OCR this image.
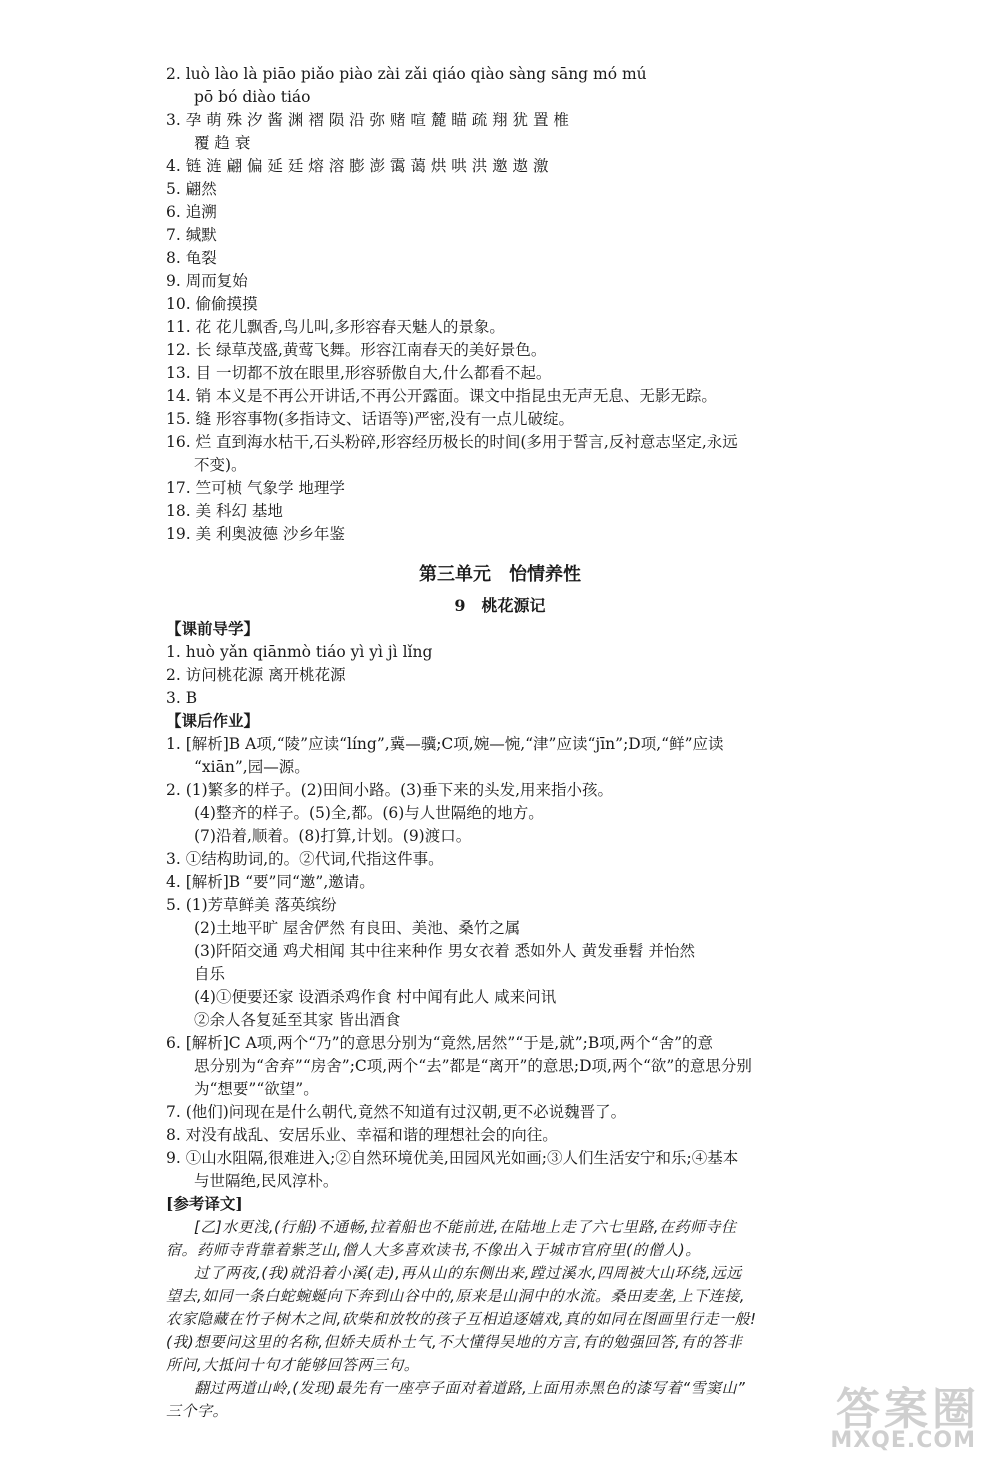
2. luò lào là piāo piǎo piào zài zǎi qiáo qiào sàng sāng mó mú
pō bó diào tiáo
3. 孕 萌 殊 汐 酱 渊 褶 陨 沿 弥 赌 喧 麓 瞄 疏 翔 犹 置 椎
覆 趋 衰
4. 链 涟 翩 偏 延 廷 熔 溶 膨 澎 霭 蔼 烘 哄 洪 邀 遨 激
5. 翩然
6. 追溯
7. 缄默
8. 龟裂
9. 周而复始
10. 偷偷摸摸
11. 花 花儿飘香,鸟儿叫,多形容春天魅人的景象。
12. 长 绿草茂盛,黄莺飞舞。形容江南春天的美好景色。
13. 目 一切都不放在眼里,形容骄傲自大,什么都看不起。
14. 销 本义是不再公开讲话,不再公开露面。课文中指昆虫无声无息、无影无踪。
15. 缝 形容事物(多指诗文、话语等)严密,没有一点儿破绽。
16. 烂 直到海水枯干,石头粉碎,形容经历极长的时间(多用于誓言,反衬意志坚定,永远
不变)。
17. 竺可桢 气象学 地理学
18. 美 科幻 基地
19. 美 利奥波德 沙乡年鉴
第三单元　怡情养性
9　桃花源记
【课前导学】
1. huò yǎn qiānmò tiáo yì yì jì lǐng
2. 访问桃花源 离开桃花源
3. B
【课后作业】
1. [解析]B A项,“陵”应读“líng”,冀—骥;C项,婉—惋,“津”应读“jīn”;D项,“鲜”应读
“xiān”,园—源。
2. (1)繁多的样子。(2)田间小路。(3)垂下来的头发,用来指小孩。
(4)整齐的样子。(5)全,都。(6)与人世隔绝的地方。
(7)沿着,顺着。(8)打算,计划。(9)渡口。
3. ①结构助词,的。②代词,代指这件事。
4. [解析]B “要”同“邀”,邀请。
5. (1)芳草鲜美 落英缤纷
(2)土地平旷 屋舍俨然 有良田、美池、桑竹之属
(3)阡陌交通 鸡犬相闻 其中往来种作 男女衣着 悉如外人 黄发垂髫 并怡然
自乐
(4)①便要还家 设酒杀鸡作食 村中闻有此人 咸来问讯
②余人各复延至其家 皆出酒食
6. [解析]C A项,两个“乃”的意思分别为“竟然,居然”“于是,就”;B项,两个“舍”的意
思分别为“舍弃”“房舍”;C项,两个“去”都是“离开”的意思;D项,两个“欲”的意思分别
为“想要”“欲望”。
7. (他们)问现在是什么朝代,竟然不知道有过汉朝,更不必说魏晋了。
8. 对没有战乱、安居乐业、幸福和谐的理想社会的向往。
9. ①山水阻隔,很难进入;②自然环境优美,田园风光如画;③人们生活安宁和乐;④基本
与世隔绝,民风淳朴。
[参考译文]
[乙]水更浅,(行船)不通畅,拉着船也不能前进,在陆地上走了六七里路,在药师寺住
宿。药师寺背靠着紫芝山,僧人大多喜欢读书,不像出入于城市官府里(的僧人)。
过了两夜,(我)就沿着小溪(走),再从山的东侧出来,蹚过溪水,四周被大山环绕,远远
望去,如同一条白蛇蜿蜒向下奔到山谷中的,原来是山洞中的水流。桑田麦垄,上下连接,
农家隐藏在竹子树木之间,砍柴和放牧的孩子互相追逐嬉戏,真的如同在图画里行走一般!
(我)想要问这里的名称,但娇夫质朴土气,不大懂得吴地的方言,有的勉强回答,有的答非
所问,大抵问十句才能够回答两三句。
翻过两道山岭,(发现)最先有一座亭子面对着道路,上面用赤黑色的漆写着“雪窦山”
三个字。	答案圈
MXQE.COM
